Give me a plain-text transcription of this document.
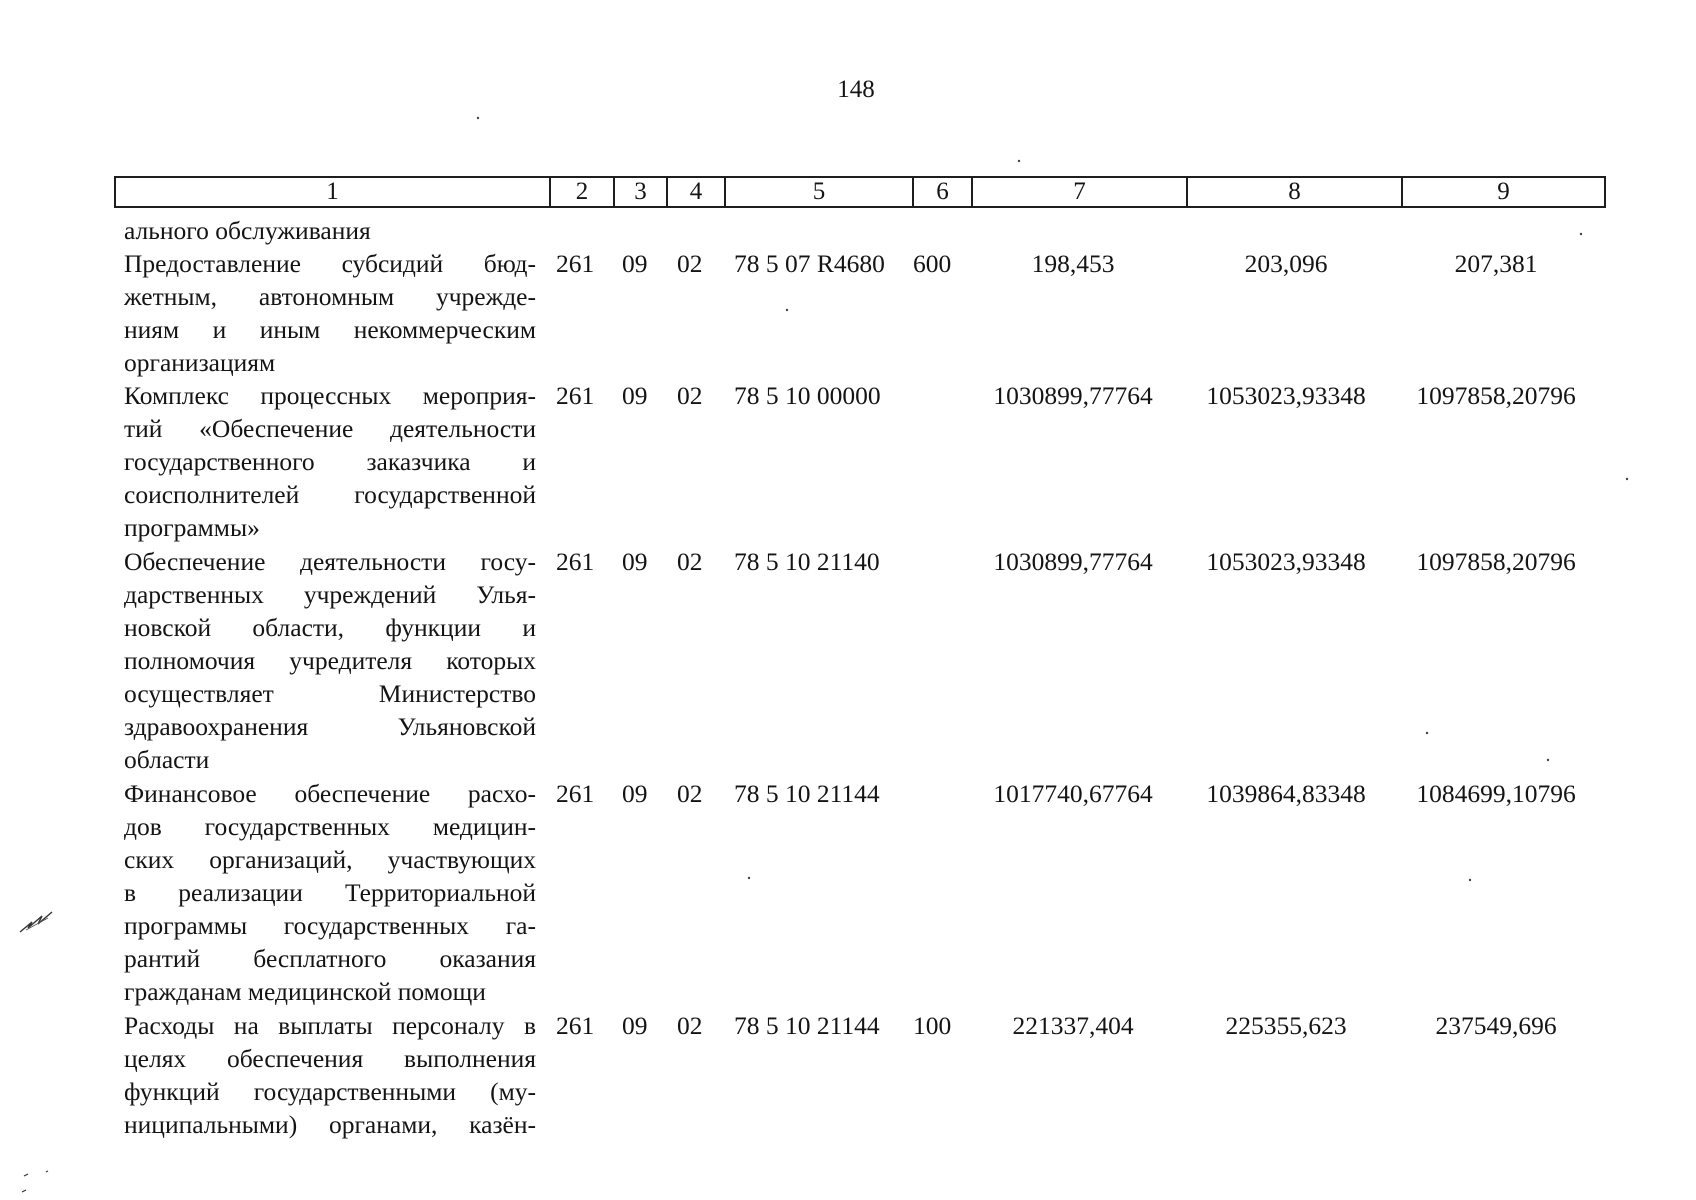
148
1	2	3	4	5	6	7	8	9
ального обслуживания
Предоставление субсидий бюд-
жетным, автономным учрежде-
ниям и иным некоммерческим
организациям
261 09 02 78 5 07 R4680 600	198,453	203,096	207,381
Комплекс процессных мероприя-
тий «Обеспечение деятельности
государственного заказчика и
соисполнителей государственной
программы»
261 09 02 78 5 10 00000	1030899,77764	1053023,93348	1097858,20796
Обеспечение деятельности госу-
дарственных учреждений Улья-
новской области, функции и
полномочия учредителя которых
осуществляет Министерство
здравоохранения Ульяновской
области
261 09 02 78 5 10 21140	1030899,77764	1053023,93348	1097858,20796
Финансовое обеспечение расхо-
дов государственных медицин-
ских организаций, участвующих
в реализации Территориальной
программы государственных га-
рантий бесплатного оказания
гражданам медицинской помощи
261 09 02 78 5 10 21144	1017740,67764	1039864,83348	1084699,10796
Расходы на выплаты персоналу в
целях обеспечения выполнения
функций государственными (му-
ниципальными) органами, казён-
261 09 02 78 5 10 21144 100	221337,404	225355,623	237549,696
